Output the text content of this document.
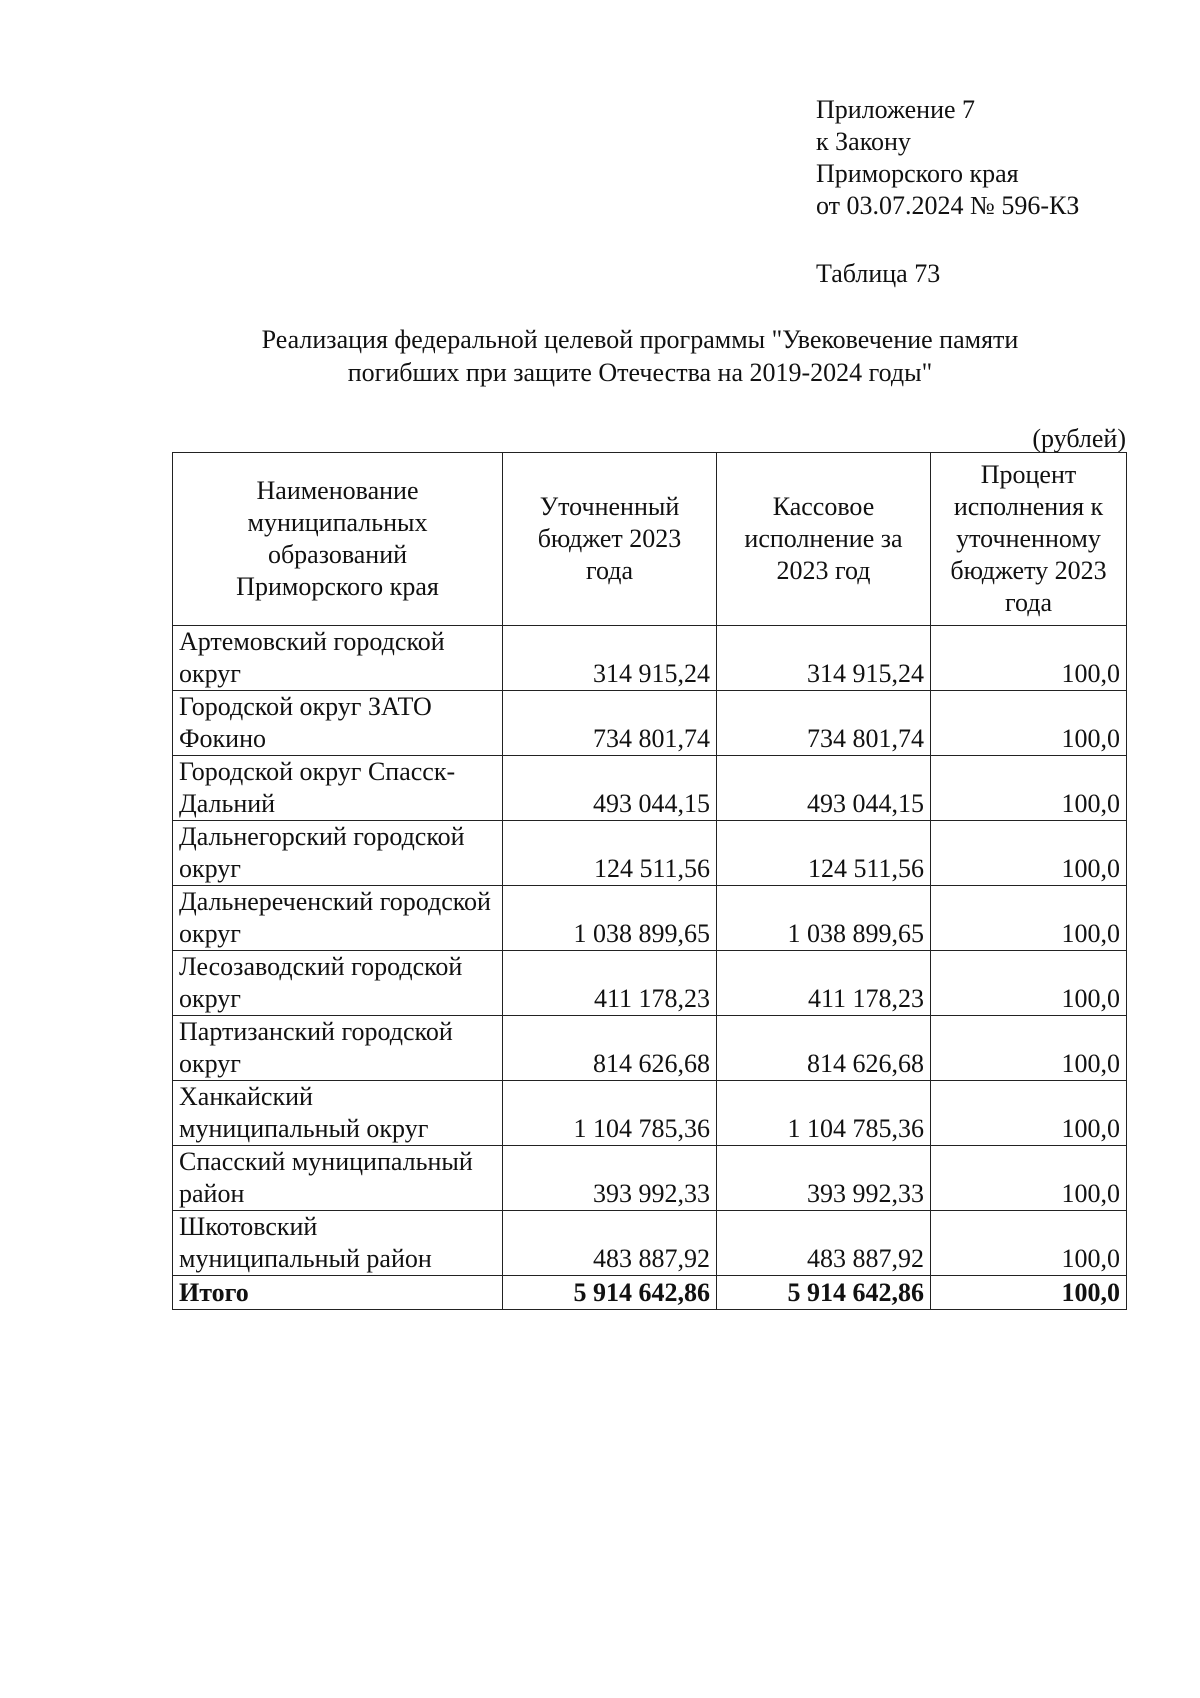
Приложение 7
к Закону
Приморского края
от 03.07.2024 № 596-КЗ
Таблица 73
Реализация федеральной целевой программы "Увековечение памяти
погибших при защите Отечества на 2019-2024 годы"
(рублей)
Наименование муниципальных образований Приморского края	Уточненный бюджет 2023 года	Кассовое исполнение за 2023 год	Процент исполнения к уточненному бюджету 2023 года
Артемовский городской округ	314 915,24	314 915,24	100,0
Городской округ ЗАТО Фокино	734 801,74	734 801,74	100,0
Городской округ Спасск-Дальний	493 044,15	493 044,15	100,0
Дальнегорский городской округ	124 511,56	124 511,56	100,0
Дальнереченский городской округ	1 038 899,65	1 038 899,65	100,0
Лесозаводский городской округ	411 178,23	411 178,23	100,0
Партизанский городской округ	814 626,68	814 626,68	100,0
Ханкайский муниципальный округ	1 104 785,36	1 104 785,36	100,0
Спасский муниципальный район	393 992,33	393 992,33	100,0
Шкотовский муниципальный район	483 887,92	483 887,92	100,0
Итого	5 914 642,86	5 914 642,86	100,0
